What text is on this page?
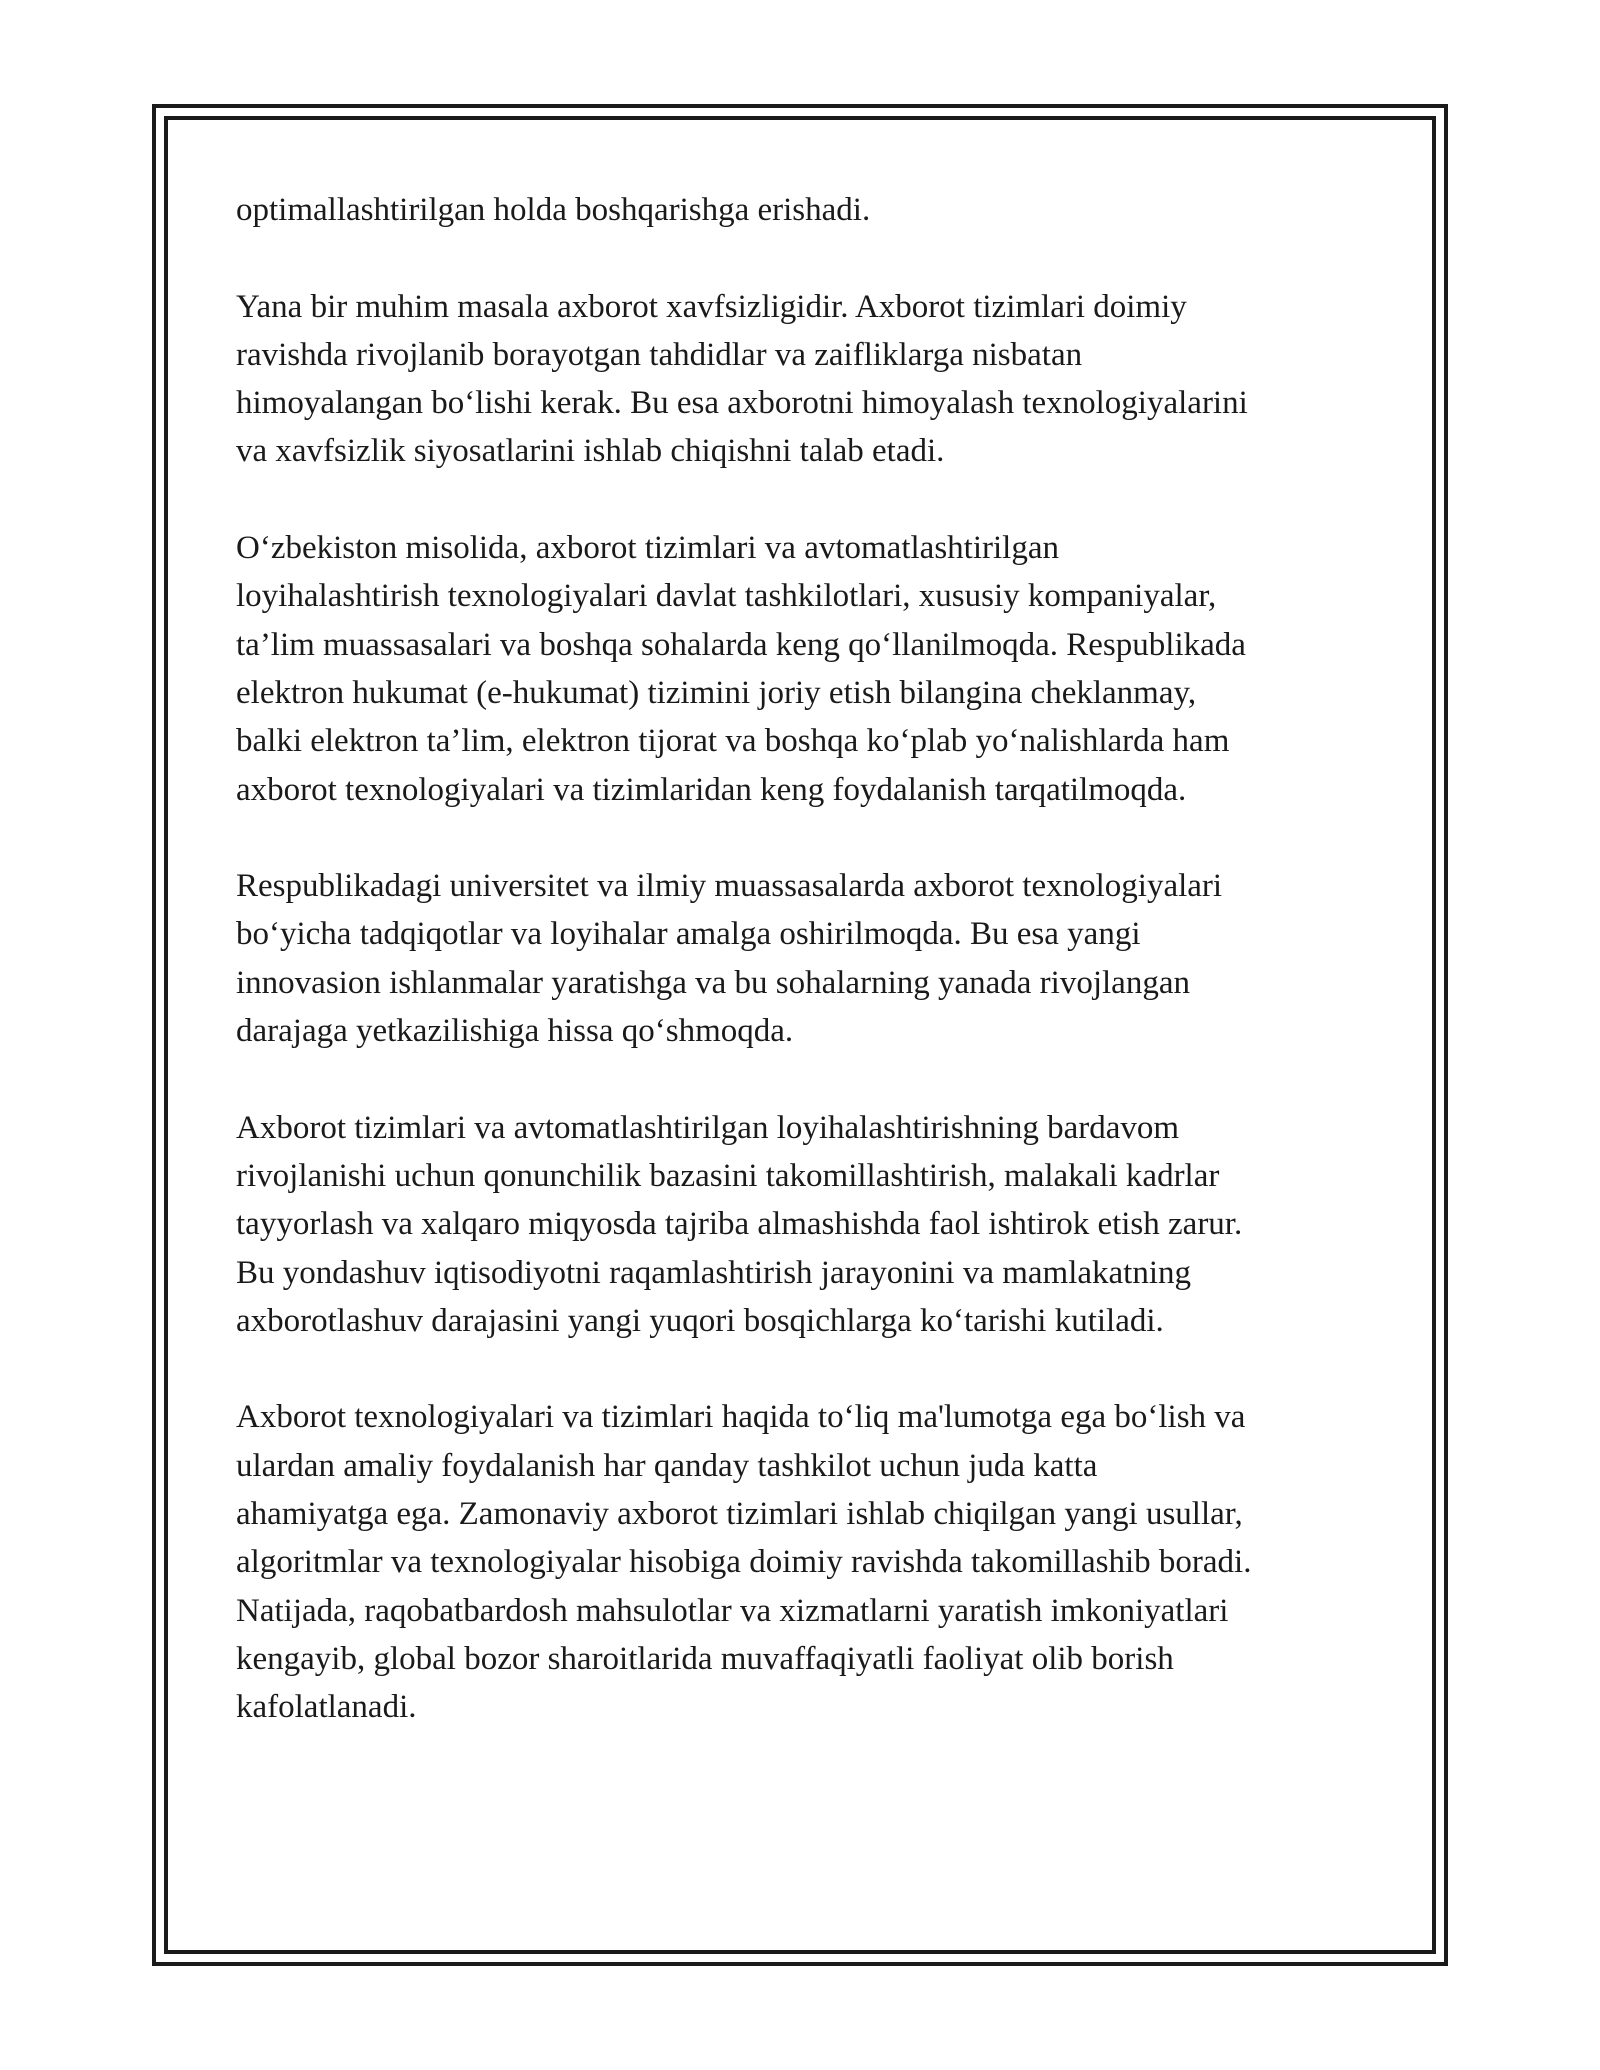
optimallashtirilgan holda boshqarishga erishadi.

Yana bir muhim masala axborot xavfsizligidir. Axborot tizimlari doimiy
ravishda rivojlanib borayotgan tahdidlar va zaifliklarga nisbatan
himoyalangan bo‘lishi kerak. Bu esa axborotni himoyalash texnologiyalarini
va xavfsizlik siyosatlarini ishlab chiqishni talab etadi.

O‘zbekiston misolida, axborot tizimlari va avtomatlashtirilgan
loyihalashtirish texnologiyalari davlat tashkilotlari, xususiy kompaniyalar,
ta’lim muassasalari va boshqa sohalarda keng qo‘llanilmoqda. Respublikada
elektron hukumat (e-hukumat) tizimini joriy etish bilangina cheklanmay,
balki elektron ta’lim, elektron tijorat va boshqa ko‘plab yo‘nalishlarda ham
axborot texnologiyalari va tizimlaridan keng foydalanish tarqatilmoqda.

Respublikadagi universitet va ilmiy muassasalarda axborot texnologiyalari
bo‘yicha tadqiqotlar va loyihalar amalga oshirilmoqda. Bu esa yangi
innovasion ishlanmalar yaratishga va bu sohalarning yanada rivojlangan
darajaga yetkazilishiga hissa qo‘shmoqda.

Axborot tizimlari va avtomatlashtirilgan loyihalashtirishning bardavom
rivojlanishi uchun qonunchilik bazasini takomillashtirish, malakali kadrlar
tayyorlash va xalqaro miqyosda tajriba almashishda faol ishtirok etish zarur.
Bu yondashuv iqtisodiyotni raqamlashtirish jarayonini va mamlakatning
axborotlashuv darajasini yangi yuqori bosqichlarga ko‘tarishi kutiladi.

Axborot texnologiyalari va tizimlari haqida to‘liq ma'lumotga ega bo‘lish va
ulardan amaliy foydalanish har qanday tashkilot uchun juda katta
ahamiyatga ega. Zamonaviy axborot tizimlari ishlab chiqilgan yangi usullar,
algoritmlar va texnologiyalar hisobiga doimiy ravishda takomillashib boradi.
Natijada, raqobatbardosh mahsulotlar va xizmatlarni yaratish imkoniyatlari
kengayib, global bozor sharoitlarida muvaffaqiyatli faoliyat olib borish
kafolatlanadi.
